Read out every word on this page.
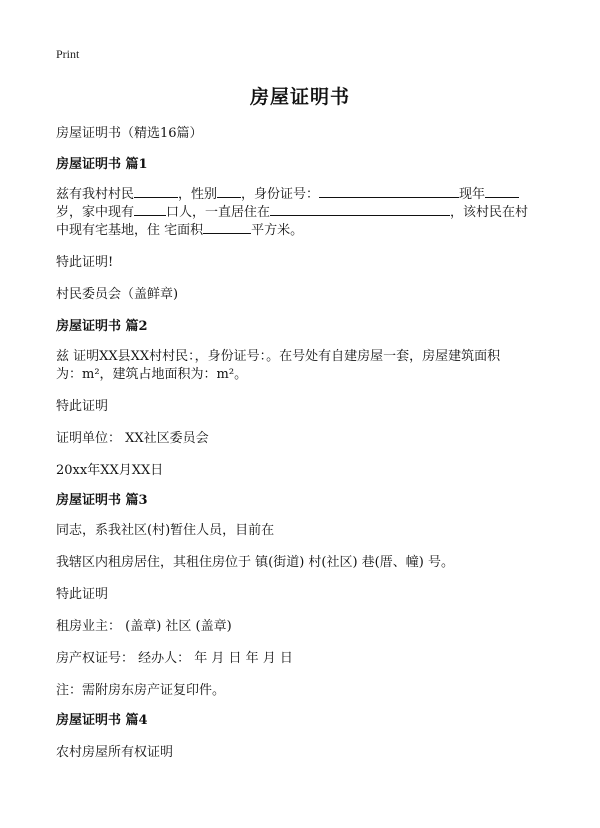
Print
房屋证明书
房屋证明书（精选16篇）
房屋证明书 篇1
兹有我村村民	，性别 ，身份证号：	现年
岁，家中现有 口人，一直居住在	，该村民在村
中现有宅基地，住 宅面积	平方米。
特此证明!
村民委员会（盖鲜章)
房屋证明书 篇2
兹 证明XX县XX村村民：，身份证号：。在号处有自建房屋一套，房屋建筑面积
为：m²，建筑占地面积为：m²。
特此证明
证明单位： XX社区委员会
20xx年XX月XX日
房屋证明书 篇3
同志，系我社区(村)暂住人员，目前在
我辖区内租房居住，其租住房位于 镇(街道) 村(社区) 巷(厝、幢) 号。
特此证明
租房业主： (盖章) 社区 (盖章)
房产权证号： 经办人： 年 月 日 年 月 日
注：需附房东房产证复印件。
房屋证明书 篇4
农村房屋所有权证明
